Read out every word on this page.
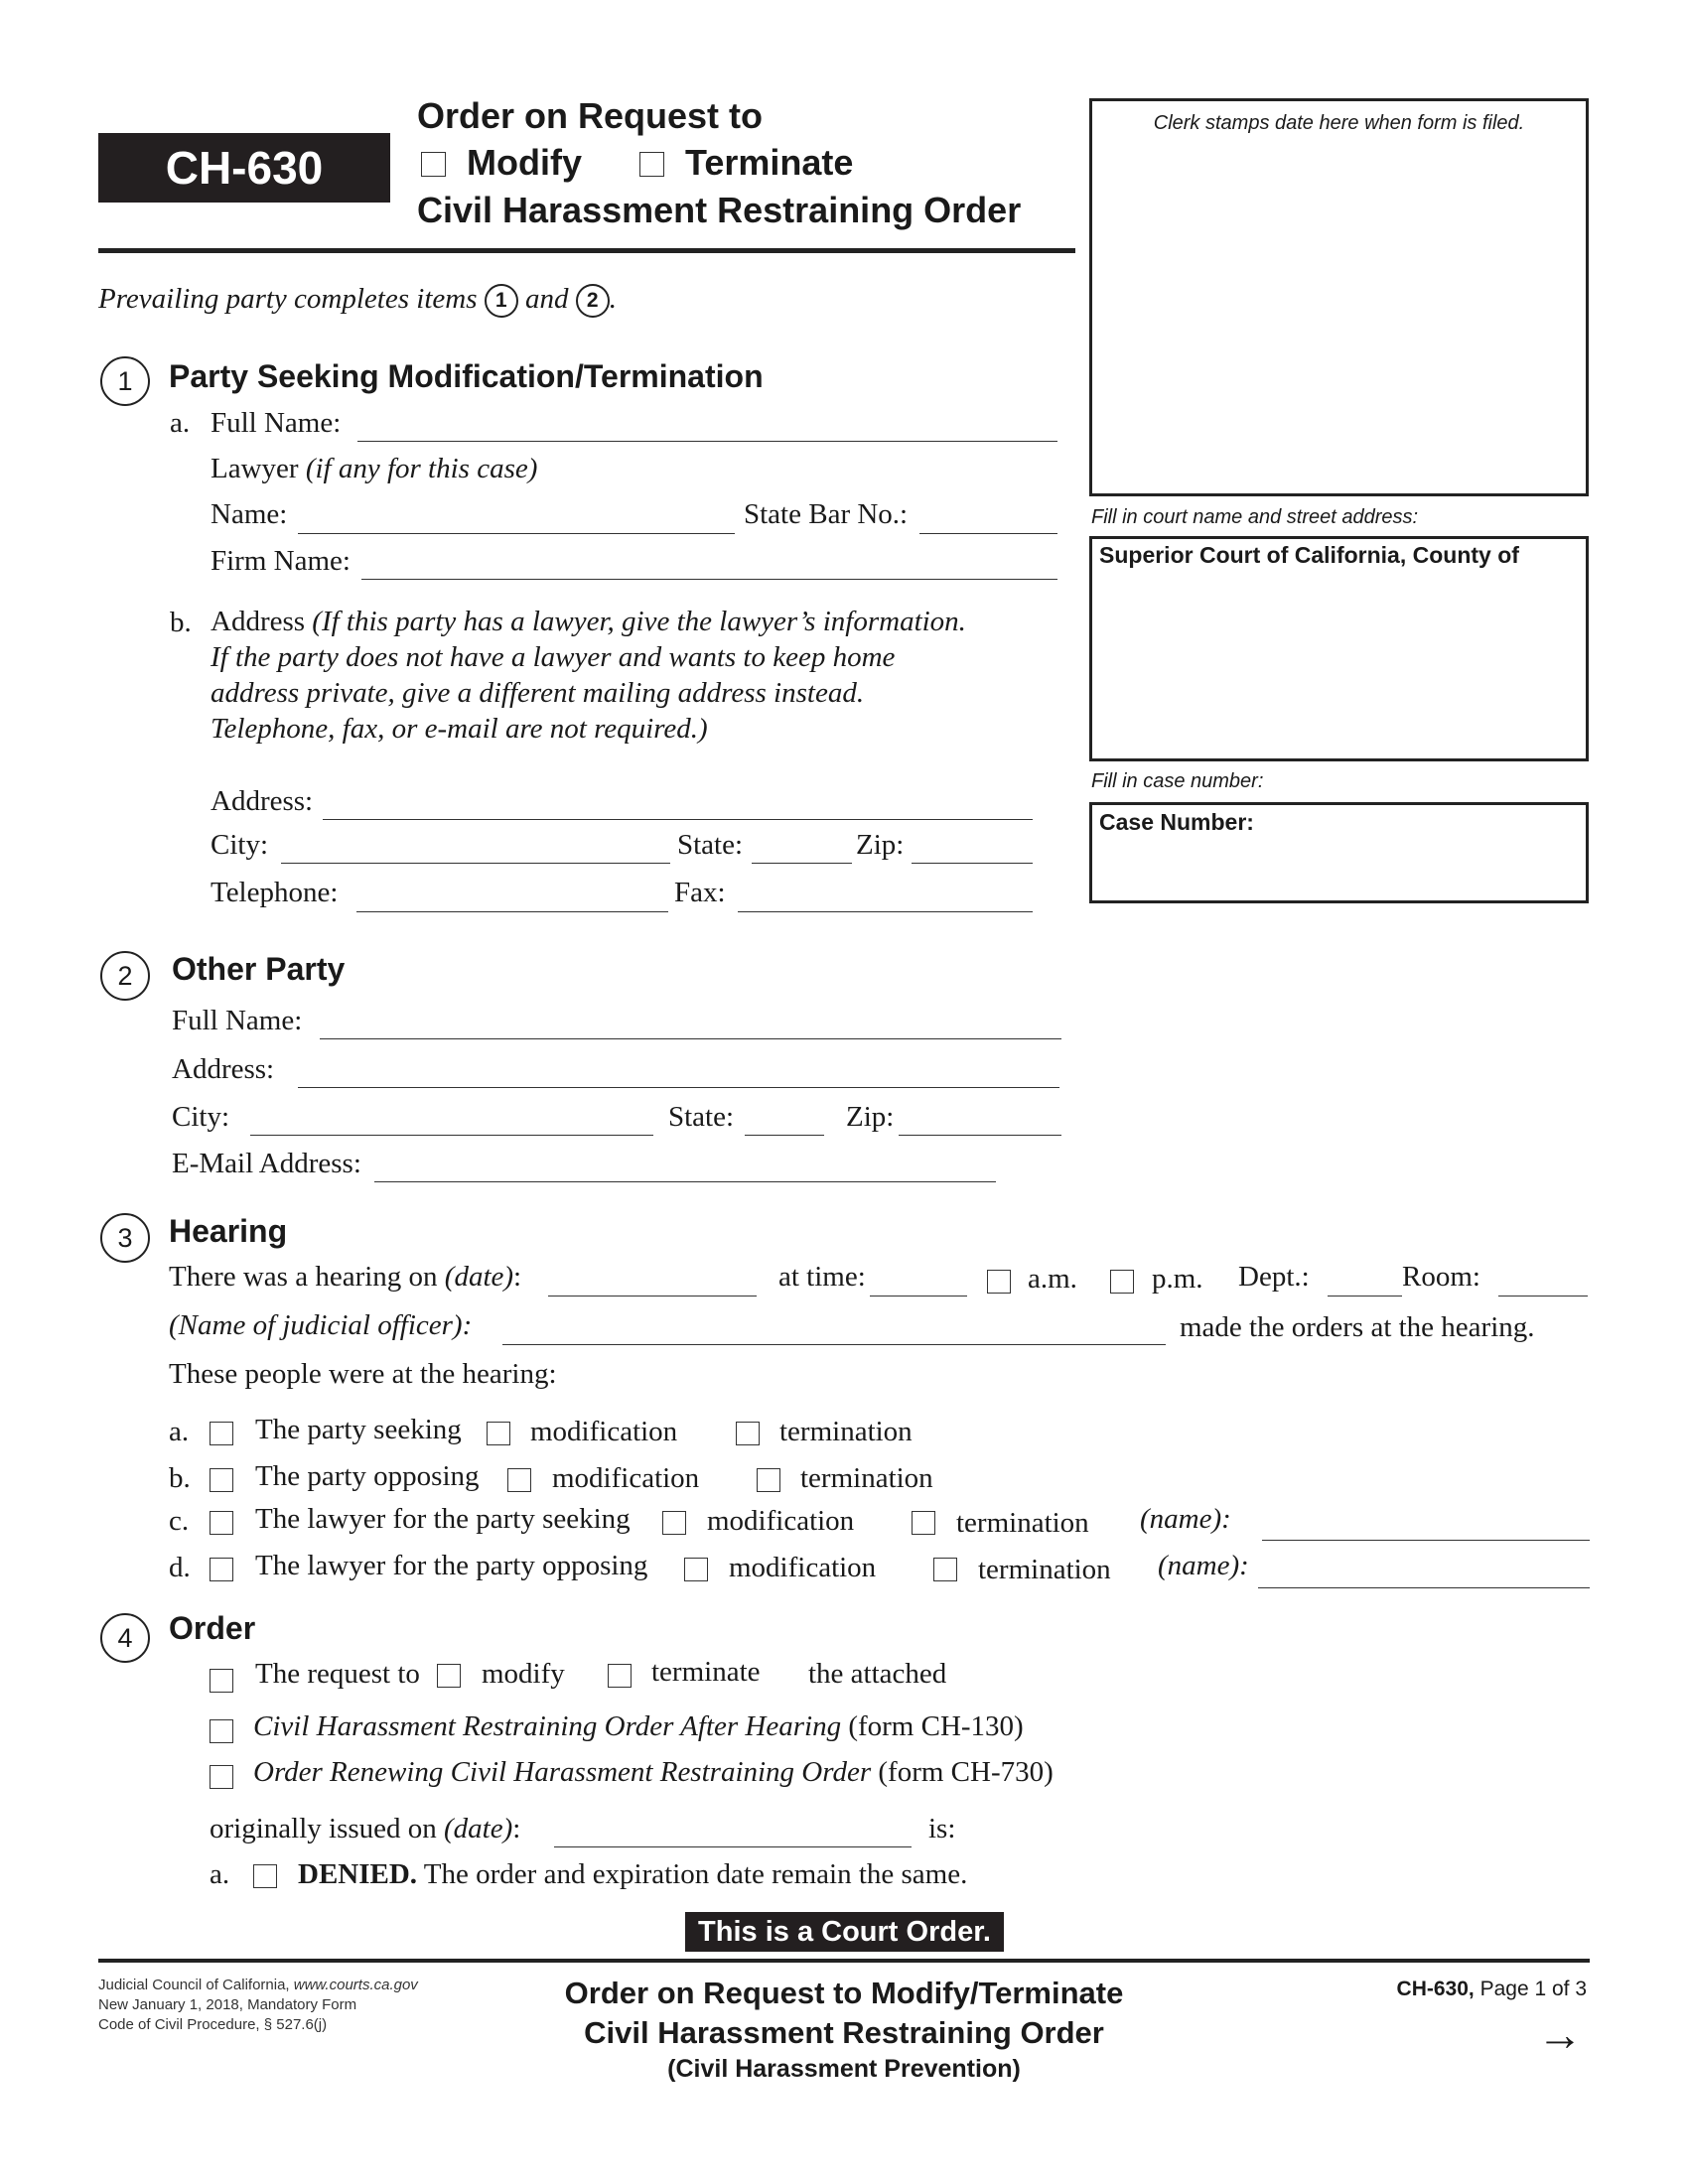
CH-630
Order on Request to
Modify	Terminate
Civil Harassment Restraining Order
Clerk stamps date here when form is filed.
Fill in court name and street address:
Superior Court of California, County of
Fill in case number:
Case Number:
Prevailing party completes items 1 and 2 .
1	Party Seeking Modification/Termination
a. Full Name:
Lawyer (if any for this case)
Name:	State Bar No.:
Firm Name:
b. Address (If this party has a lawyer, give the lawyer’s information.
If the party does not have a lawyer and wants to keep home
address private, give a different mailing address instead.
Telephone, fax, or e-mail are not required.)
Address:
City:	State:	Zip:
Telephone:	Fax:
2	Other Party
Full Name:
Address:
City:	State:	Zip:
E-Mail Address:
3	Hearing
There was a hearing on (date):	at time:	a.m.	p.m. Dept.:	Room:
(Name of judicial officer):	made the orders at the hearing.
These people were at the hearing:
a. The party seeking modification	termination
b. The party opposing	modification	termination
c. The lawyer for the party seeking	modification	termination (name):
d. The lawyer for the party opposing	modification	termination (name):
4	Order
The request to modify	terminate the attached
Civil Harassment Restraining Order After Hearing (form CH-130)
Order Renewing Civil Harassment Restraining Order (form CH-730)
originally issued on (date):	is:
a. DENIED. The order and expiration date remain the same.
This is a Court Order.
Judicial Council of California, www.courts.ca.gov
New January 1, 2018, Mandatory Form
Code of Civil Procedure, § 527.6(j)
Order on Request to Modify/Terminate
Civil Harassment Restraining Order
(Civil Harassment Prevention)
CH-630, Page 1 of 3
→
